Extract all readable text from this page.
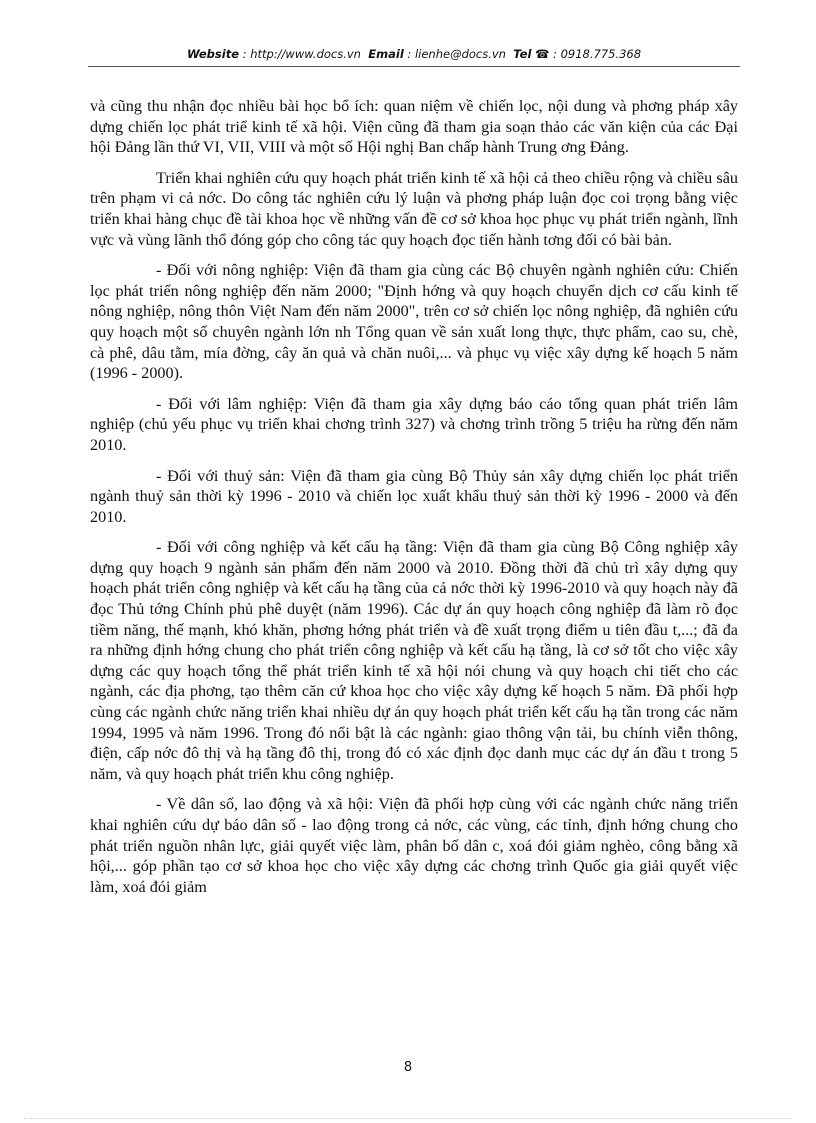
Website : http://www.docs.vn Email : lienhe@docs.vn Tel ☎ : 0918.775.368

và cũng thu nhận đọc nhiều bài học bổ ích: quan niệm về chiến lọc, nội dung và phơng pháp xây dựng chiến lọc phát triể kinh tế xã hội. Viện cũng đã tham gia soạn thảo các văn kiện của các Đại hội Đảng lần thứ VI, VII, VIII và một số Hội nghị Ban chấp hành Trung ơng Đảng.

Triển khai nghiên cứu quy hoạch phát triển kinh tế xã hội cả theo chiều rộng và chiều sâu trên phạm vi cả nớc. Do công tác nghiên cứu lý luận và phơng pháp luận đọc coi trọng bằng việc triển khai hàng chục đề tài khoa học về những vấn đề cơ sở khoa học phục vụ phát triển ngành, lĩnh vực và vùng lãnh thổ đóng góp cho công tác quy hoạch đọc tiến hành tơng đối có bài bản.

- Đối với nông nghiệp: Viện đã tham gia cùng các Bộ chuyên ngành nghiên cứu: Chiến lọc phát triển nông nghiệp đến năm 2000; "Định hớng và quy hoạch chuyển dịch cơ cấu kinh tế nông nghiệp, nông thôn Việt Nam đến năm 2000", trên cơ sở chiến lọc nông nghiệp, đã nghiên cứu quy hoạch một số chuyên ngành lớn nh Tổng quan về sản xuất long thực, thực phẩm, cao su, chè, cà phê, dâu tằm, mía đờng, cây ăn quả và chăn nuôi,... và phục vụ việc xây dựng kế hoạch 5 năm (1996 - 2000).

- Đối với lâm nghiệp: Viện đã tham gia xây dựng báo cáo tổng quan phát triển lâm nghiệp (chủ yếu phục vụ triển khai chơng trình 327) và chơng trình trồng 5 triệu ha rừng đến năm 2010.

- Đối với thuỷ sản: Viện đã tham gia cùng Bộ Thủy sản xây dựng chiến lọc phát triển ngành thuỷ sản thời kỳ 1996 - 2010 và chiến lọc xuất khẩu thuỷ sản thời kỳ 1996 - 2000 và đến 2010.

- Đối với công nghiệp và kết cấu hạ tầng: Viện đã tham gia cùng Bộ Công nghiệp xây dựng quy hoạch 9 ngành sản phẩm đến năm 2000 và 2010. Đồng thời đã chủ trì xây dựng quy hoạch phát triển công nghiệp và kết cấu hạ tầng của cả nớc thời kỳ 1996-2010 và quy hoạch này đã đọc Thủ tớng Chính phủ phê duyệt (năm 1996). Các dự án quy hoạch công nghiệp đã làm rõ đọc tiềm năng, thế mạnh, khó khăn, phơng hớng phát triển và đề xuất trọng điểm u tiên đầu t,...; đã đa ra những định hớng chung cho phát triển công nghiệp và kết cấu hạ tầng, là cơ sở tốt cho việc xây dựng các quy hoạch tổng thể phát triển kinh tế xã hội nói chung và quy hoạch chi tiết cho các ngành, các địa phơng, tạo thêm căn cứ khoa học cho việc xây dựng kế hoạch 5 năm. Đã phối hợp cùng các ngành chức năng triển khai nhiều dự án quy hoạch phát triển kết cấu hạ tần trong các năm 1994, 1995 và năm 1996. Trong đó nổi bật là các ngành: giao thông vận tải, bu chính viễn thông, điện, cấp nớc đô thị và hạ tầng đô thị, trong đó có xác định đọc danh mục các dự án đầu t trong 5 năm, và quy hoạch phát triển khu công nghiệp.

- Về dân số, lao động và xã hội: Viện đã phối hợp cùng với các ngành chức năng triển khai nghiên cứu dự báo dân số - lao động trong cả nớc, các vùng, các tỉnh, định hớng chung cho phát triển nguồn nhân lực, giải quyết việc làm, phân bố dân c, xoá đói giảm nghèo, công bằng xã hội,... góp phần tạo cơ sở khoa học cho việc xây dựng các chơng trình Quốc gia giải quyết việc làm, xoá đói giảm

8
